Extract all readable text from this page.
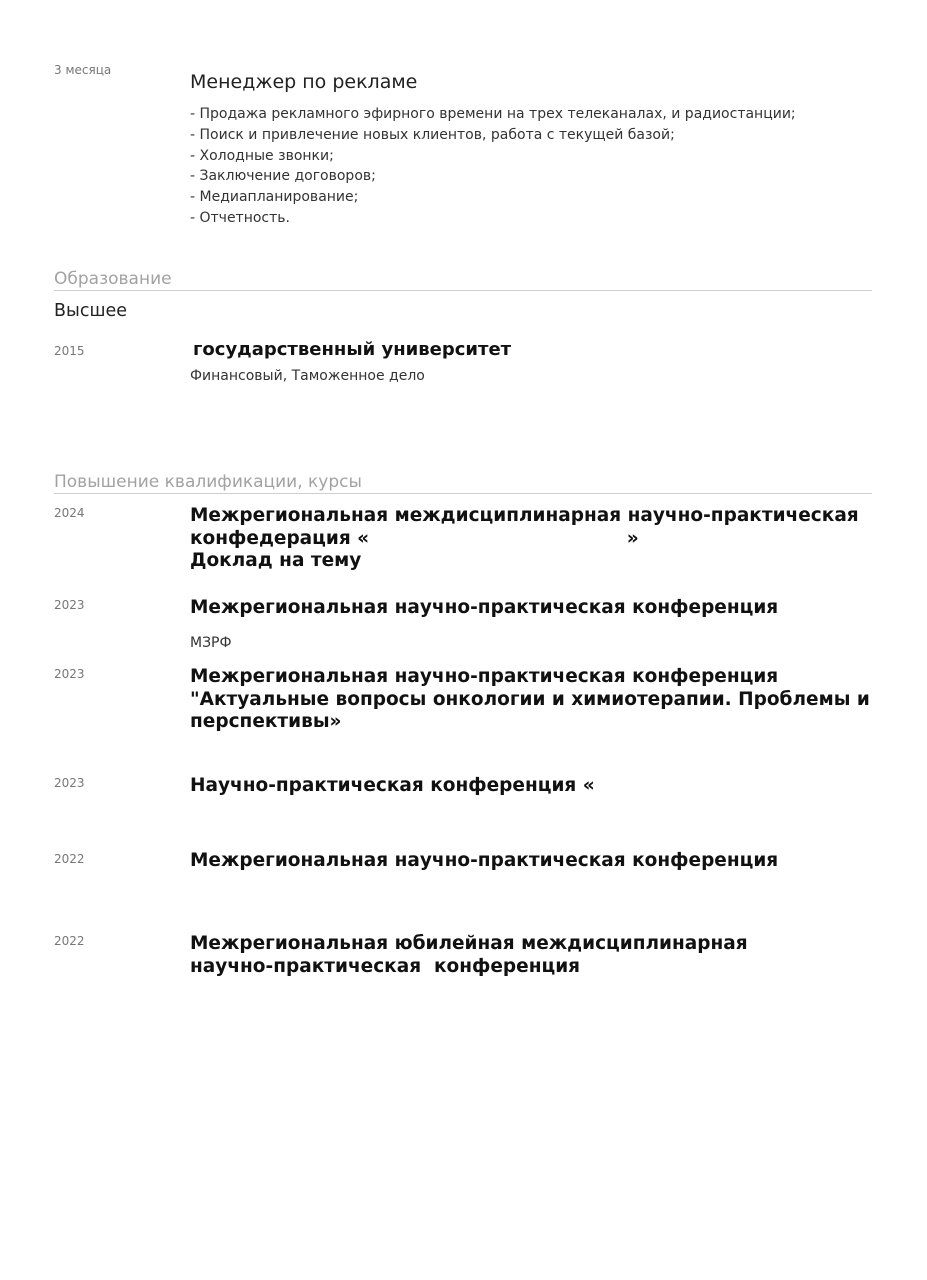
3 месяца
Менеджер по рекламе
- Продажа рекламного эфирного времени на трех телеканалах, и радиостанции;
- Поиск и привлечение новых клиентов, работа с текущей базой;
- Холодные звонки;
- Заключение договоров;
- Медиапланирование;
- Отчетность.
Образование
Высшее
2015	государственный университет
Финансовый, Таможенное дело
Повышение квалификации, курсы
2024	Межрегиональная междисциплинарная научно-практическая
конфедерация «                                        »
Доклад на тему
2023	Межрегиональная научно-практическая конференция
МЗРФ
2023	Межрегиональная научно-практическая конференция
"Актуальные вопросы онкологии и химиотерапии. Проблемы и
перспективы»
2023	Научно-практическая конференция «
2022	Межрегиональная научно-практическая конференция
2022	Межрегиональная юбилейная междисциплинарная
научно-практическая  конференция
